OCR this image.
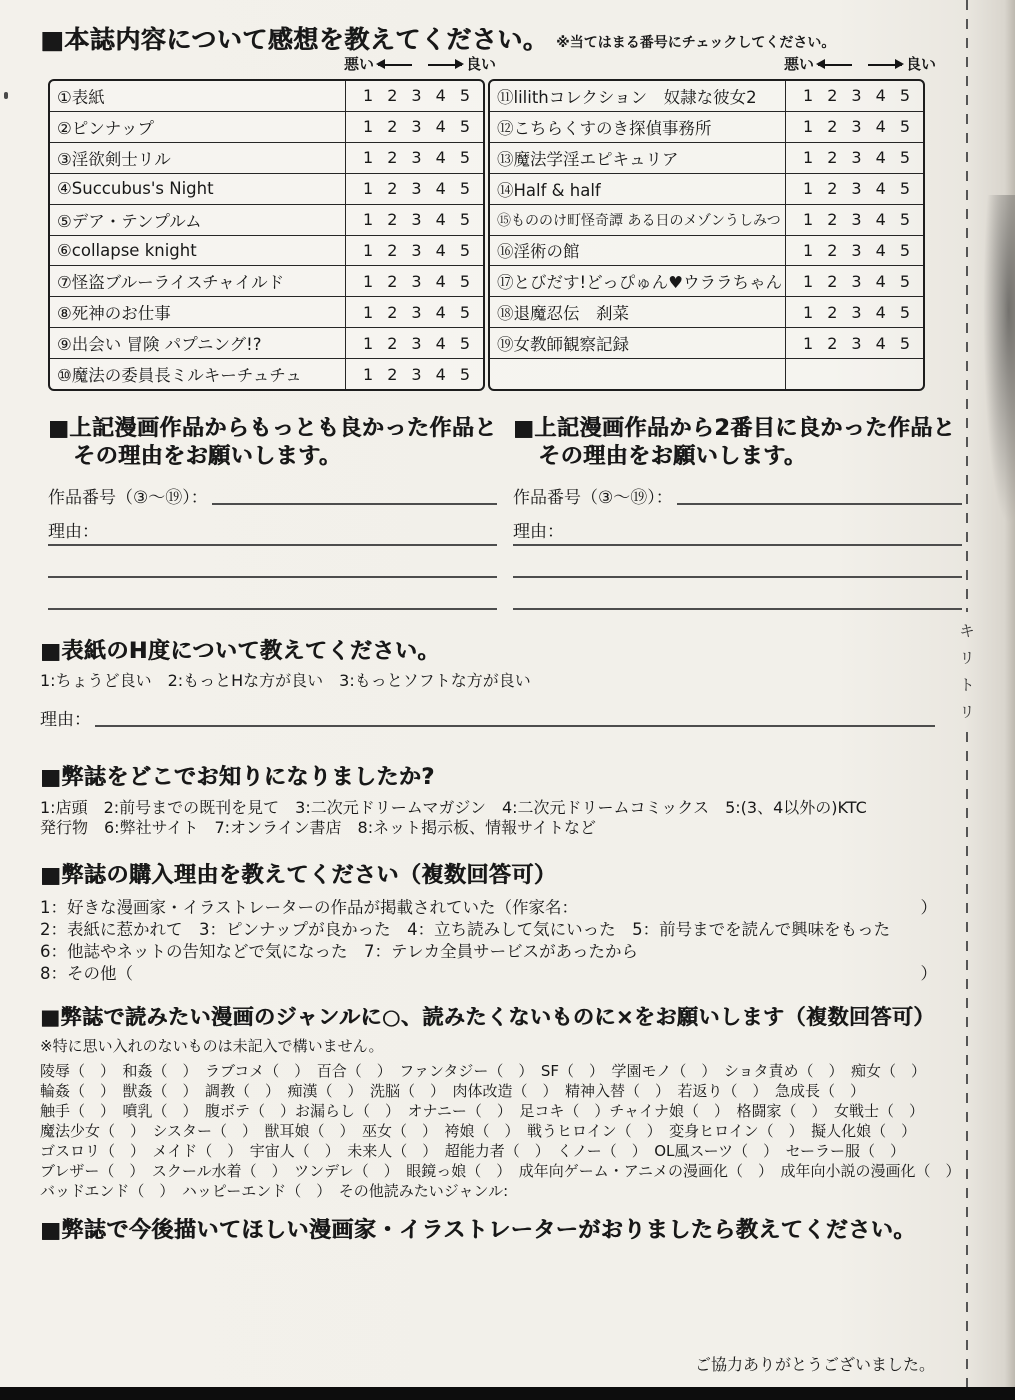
■本誌内容について感想を教えてください。 ※当てはまる番号にチェックしてください。
悪い	良い	悪い	良い
①表紙	1 2 3 4 5
②ピンナップ	1 2 3 4 5
③淫欲剣士リル	1 2 3 4 5
④Succubus's Night	1 2 3 4 5
⑤デア・テンプルム	1 2 3 4 5
⑥collapse knight	1 2 3 4 5
⑦怪盗ブルーライスチャイルド	1 2 3 4 5
⑧死神のお仕事	1 2 3 4 5
⑨出会い 冒険 パプニング!?	1 2 3 4 5
⑩魔法の委員長ミルキーチュチュ	1 2 3 4 5
⑪lilithコレクション　奴隷な彼女2	1 2 3 4 5
⑫こちらくすのき探偵事務所	1 2 3 4 5
⑬魔法学淫エピキュリア	1 2 3 4 5
⑭Half & half	1 2 3 4 5
⑮もののけ町怪奇譚 ある日のメゾンうしみつ 1 2 3 4 5
⑯淫術の館	1 2 3 4 5
⑰とびだす!どっぴゅん♥ウララちゃん 1 2 3 4 5
⑱退魔忍伝　刹菜	1 2 3 4 5
⑲女教師観察記録	1 2 3 4 5
■上記漫画作品からもっとも良かった作品とその理由をお願いします。
作品番号（③〜⑲）：
理由：
■上記漫画作品から2番目に良かった作品とその理由をお願いします。
作品番号（③〜⑲）：
理由：
■表紙のH度について教えてください。
1:ちょうど良い　2:もっとHな方が良い　3:もっとソフトな方が良い
理由：
■弊誌をどこでお知りになりましたか?
1:店頭　2:前号までの既刊を見て　3:二次元ドリームマガジン　4:二次元ドリームコミックス　5:(3、4以外の)KTC
発行物　6:弊社サイト　7:オンライン書店　8:ネット掲示板、情報サイトなど
■弊誌の購入理由を教えてください（複数回答可）
1：好きな漫画家・イラストレーターの作品が掲載されていた（作家名：	）
2：表紙に惹かれて　3：ピンナップが良かった　4：立ち読みして気にいった　5：前号までを読んで興味をもった
6：他誌やネットの告知などで気になった　7：テレカ全員サービスがあったから
8：その他（	）
■弊誌で読みたい漫画のジャンルに○、読みたくないものに×をお願いします（複数回答可）
※特に思い入れのないものは未記入で構いません。
陵辱（　）　和姦（　）　ラブコメ（　）　百合（　）　ファンタジー（　）　SF（　）　学園モノ（　）　ショタ責め（　）　痴女（　）
輪姦（　）　獣姦（　）　調教（　）　痴漢（　）　洗脳（　）　肉体改造（　）　精神入替（　）　若返り（　）　急成長（　）
触手（　）　噴乳（　）　腹ボテ（　）お漏らし（　）　オナニー（　）　足コキ（　）チャイナ娘（　）　格闘家（　）　女戦士（　）
魔法少女（　）　シスター（　）　獣耳娘（　）　巫女（　）　袴娘（　）　戦うヒロイン（　）　変身ヒロイン（　）　擬人化娘（　）
ゴスロリ（　）　メイド（　）　宇宙人（　）　未来人（　）　超能力者（　）　くノー（　）　OL風スーツ（　）　セーラー服（　）
ブレザー（　）　スクール水着（　）　ツンデレ（　）　眼鏡っ娘（　）　成年向ゲーム・アニメの漫画化（　）　成年向小説の漫画化（　）
バッドエンド（　）　ハッピーエンド（　）　その他読みたいジャンル:
■弊誌で今後描いてほしい漫画家・イラストレーターがおりましたら教えてください。
ご協力ありがとうございました。
キ
リ
ト
リ
